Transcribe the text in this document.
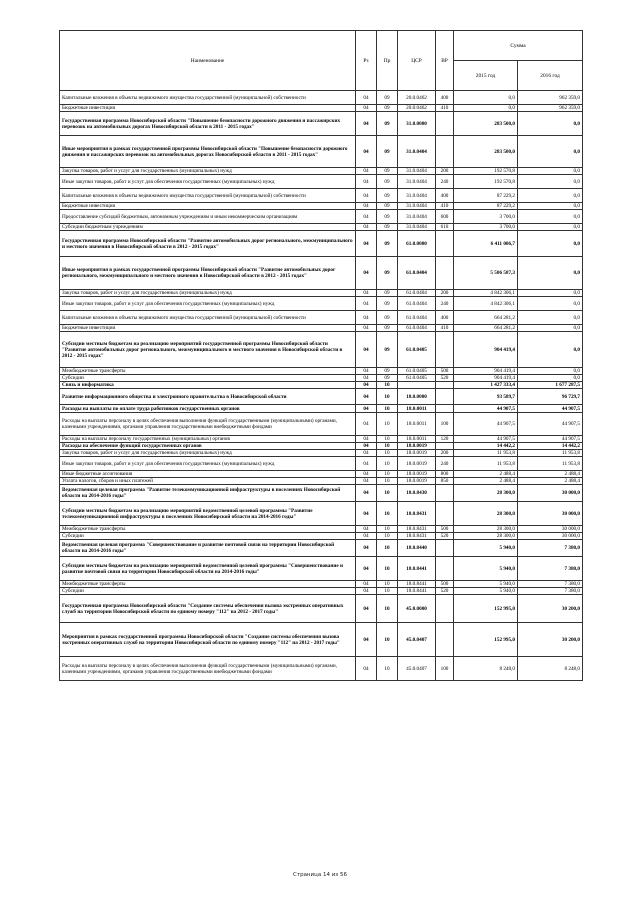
Наименование	Рз	Пр	ЦСР	ВР	Сумма	
					2015 год	2016 год
Капитальные вложения в объекты недвижимого имущества государственной (муниципальной) собственности	04	09	20.0.0462	400	0,0	962 359,0
Бюджетные инвестиции	04	09	20.0.0462	410	0,0	962 359,0
Государственная программа Новосибирской области "Повышение безопасности дорожного движения и пассажирских перевозок на автомобильных дорогах Новосибирской области в 2011 - 2015 годах"	04	09	31.0.0000		283 500,0	0,0
Иные мероприятия в рамках государственной программы Новосибирской области "Повышение безопасности дорожного движения и пассажирских перевозок на автомобильных дорогах Новосибирской области в 2011 - 2015 годах"	04	09	31.0.0404		283 500,0	0,0
Закупка товаров, работ и услуг для государственных (муниципальных) нужд	04	09	31.0.0404	200	192 570,8	0,0
Иные закупки товаров, работ и услуг для обеспечения государственных (муниципальных) нужд	04	09	31.0.0404	240	192 570,8	0,0
Капитальные вложения в объекты недвижимого имущества государственной (муниципальной) собственности	04	09	31.0.0404	400	87 229,2	0,0
Бюджетные инвестиции	04	09	31.0.0404	410	87 229,2	0,0
Предоставление субсидий бюджетным, автономным учреждениям и иным некоммерческим организациям	04	09	31.0.0404	600	3 700,0	0,0
Субсидии бюджетным учреждениям	04	09	31.0.0404	610	3 700,0	0,0
Государственная программа Новосибирской области "Развитие автомобильных дорог регионального, межмуниципального и местного значения в Новосибирской области в 2012 - 2015 годах"	04	09	61.0.0000		6 411 006,7	0,0
Иные мероприятия в рамках государственной программы Новосибирской области "Развитие автомобильных дорог регионального, межмуниципального и местного значения в Новосибирской области в 2012 - 2015 годах"	04	09	61.0.0404		5 506 587,3	0,0
Закупка товаров, работ и услуг для государственных (муниципальных) нужд	04	09	61.0.0404	200	4 842 306,1	0,0
Иные закупки товаров, работ и услуг для обеспечения государственных (муниципальных) нужд	04	09	61.0.0404	240	4 842 306,1	0,0
Капитальные вложения в объекты недвижимого имущества государственной (муниципальной) собственности	04	09	61.0.0404	400	664 281,2	0,0
Бюджетные инвестиции	04	09	61.0.0404	410	664 281,2	0,0
Субсидии местным бюджетам на реализацию мероприятий государственной программы Новосибирской области "Развитие автомобильных дорог регионального, межмуниципального и местного значения в Новосибирской области в 2012 - 2015 годах"	04	09	61.0.0405		904 419,4	0,0
Межбюджетные трансферты	04	09	61.0.0405	500	904 419,4	0,0
Субсидии	04	09	61.0.0405	520	904 419,4	0,0
Связь и информатика	04	10			1 427 333,4	1 677 287,5
Развитие информационного общества и электронного правительства в Новосибирской области	04	10	18.0.0000		93 589,7	96 729,7
Расходы на выплаты по оплате труда работников государственных органов	04	10	18.0.0011		44 907,5	44 907,5
Расходы на выплаты персоналу в целях обеспечения выполнения функций государственными (муниципальными) органами, казенными учреждениями, органами управления государственными внебюджетными фондами	04	10	18.0.0011	100	44 907,5	44 907,5
Расходы на выплаты персоналу государственных (муниципальных) органов	04	10	18.0.0011	120	44 907,5	44 907,5
Расходы на обеспечение функций государственных органов	04	10	18.0.0019		14 442,2	14 442,2
Закупка товаров, работ и услуг для государственных (муниципальных) нужд	04	10	18.0.0019	200	11 953,8	11 953,8
Иные закупки товаров, работ и услуг для обеспечения государственных (муниципальных) нужд	04	10	18.0.0019	240	11 953,8	11 953,8
Иные бюджетные ассигнования	04	10	18.0.0019	800	2 488,4	2 488,4
Уплата налогов, сборов и иных платежей	04	10	18.0.0019	850	2 488,4	2 488,4
Ведомственная целевая программа "Развитие телекоммуникационной инфраструктуры в поселениях Новосибирской области на 2014-2016 годы"	04	10	18.0.8430		28 300,0	30 000,0
Субсидии местным бюджетам на реализацию мероприятий ведомственной целевой программы "Развитие телекоммуникационной инфраструктуры в поселениях Новосибирской области на 2014-2016 годы"	04	10	18.0.8431		28 300,0	30 000,0
Межбюджетные трансферты	04	10	18.0.8431	500	28 300,0	30 000,0
Субсидии	04	10	18.0.8431	520	28 300,0	30 000,0
Ведомственная целевая программа "Совершенствование и развитие почтовой связи на территории Новосибирской области на 2014-2016 годы"	04	10	18.0.8440		5 940,0	7 380,0
Субсидии местным бюджетам на реализацию мероприятий ведомственной целевой программы "Совершенствование и развитие почтовой связи на территории Новосибирской области на 2014-2016 годы"	04	10	18.0.8441		5 940,0	7 380,0
Межбюджетные трансферты	04	10	18.0.8441	500	5 940,0	7 380,0
Субсидии	04	10	18.0.8441	520	5 940,0	7 380,0
Государственная программа Новосибирской области "Создание системы обеспечения вызова экстренных оперативных служб на территории Новосибирской области по единому номеру "112" на 2012 - 2017 годы"	04	10	45.0.0000		152 995,0	30 200,0
Мероприятия в рамках государственной программы Новосибирской области "Создание системы обеспечения вызова экстренных оперативных служб на территории Новосибирской области по единому номеру "112" на 2012 - 2017 годы"	04	10	45.0.0407		152 995,0	30 200,0
Расходы на выплаты персоналу в целях обеспечения выполнения функций государственными (муниципальными) органами, казенными учреждениями, органами управления государственными внебюджетными фондами	04	10	45.0.0407	100	8 248,0	8 248,0
Страница 14 из 56
